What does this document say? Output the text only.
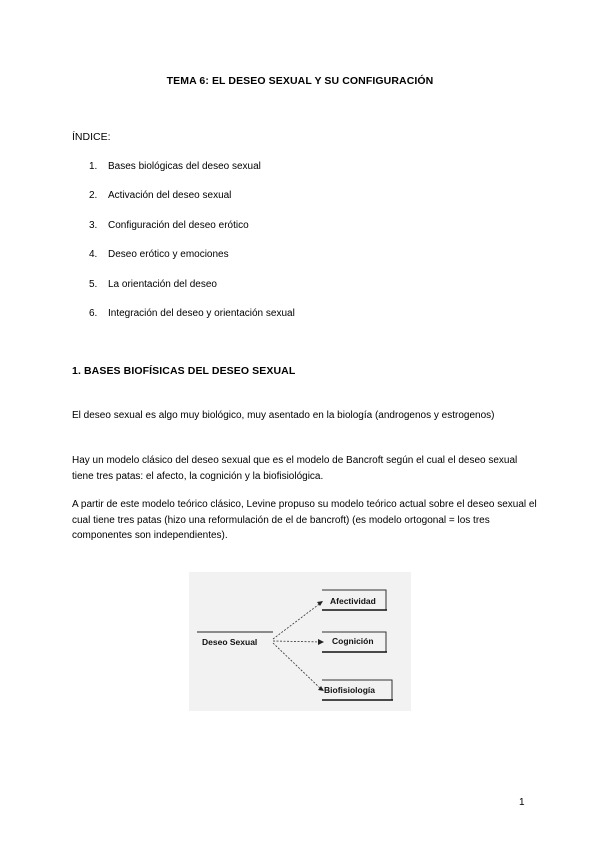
TEMA 6: EL DESEO SEXUAL Y SU CONFIGURACIÓN
ÍNDICE:
1. Bases biológicas del deseo sexual
2. Activación del deseo sexual
3. Configuración del deseo erótico
4. Deseo erótico y emociones
5. La orientación del deseo
6. Integración del deseo y orientación sexual
1. BASES BIOFÍSICAS DEL DESEO SEXUAL

El deseo sexual es algo muy biológico, muy asentado en la biología (androgenos y estrogenos)

Hay un modelo clásico del deseo sexual que es el modelo de Bancroft según el cual el deseo sexual tiene tres patas: el afecto, la cognición y la biofisiológica.

A partir de este modelo teórico clásico, Levine propuso su modelo teórico actual sobre el deseo sexual el cual tiene tres patas (hizo una reformulación de el de bancroft) (es modelo ortogonal = los tres componentes son independientes).

Deseo Sexual
Afectividad
Cognición
Biofisiología
1
